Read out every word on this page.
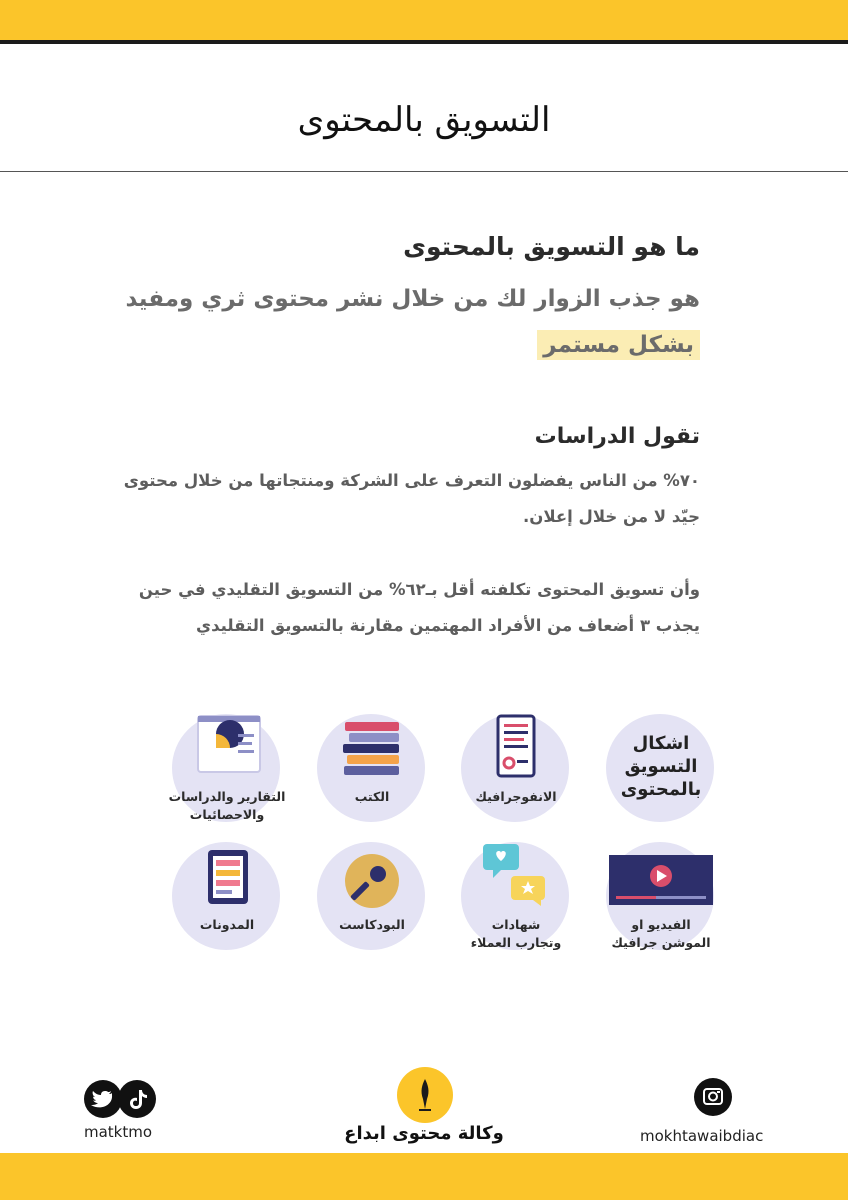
التسويق بالمحتوى
ما هو التسويق بالمحتوى
هو جذب الزوار لك من خلال نشر محتوى ثري ومفيد
بشكل مستمر
تقول الدراسات
٧٠% من الناس يفضلون التعرف على الشركة ومنتجاتها من خلال محتوى
جيّد لا من خلال إعلان.
وأن تسويق المحتوى تكلفته أقل بـ٦٢% من التسويق التقليدي في حين
يجذب ٣ أضعاف من الأفراد المهتمين مقارنة بالتسويق التقليدي
اشكال
التسويق
بالمحتوى
الانفوجرافيك
الكتب
التقارير والدراسات
والاحصائيات
الفيديو او
الموشن جرافيك
شهادات
وتجارب العملاء
البودكاست
المدونات
matktmo	وكالة محتوى ابداع	mokhtawaibdiac
